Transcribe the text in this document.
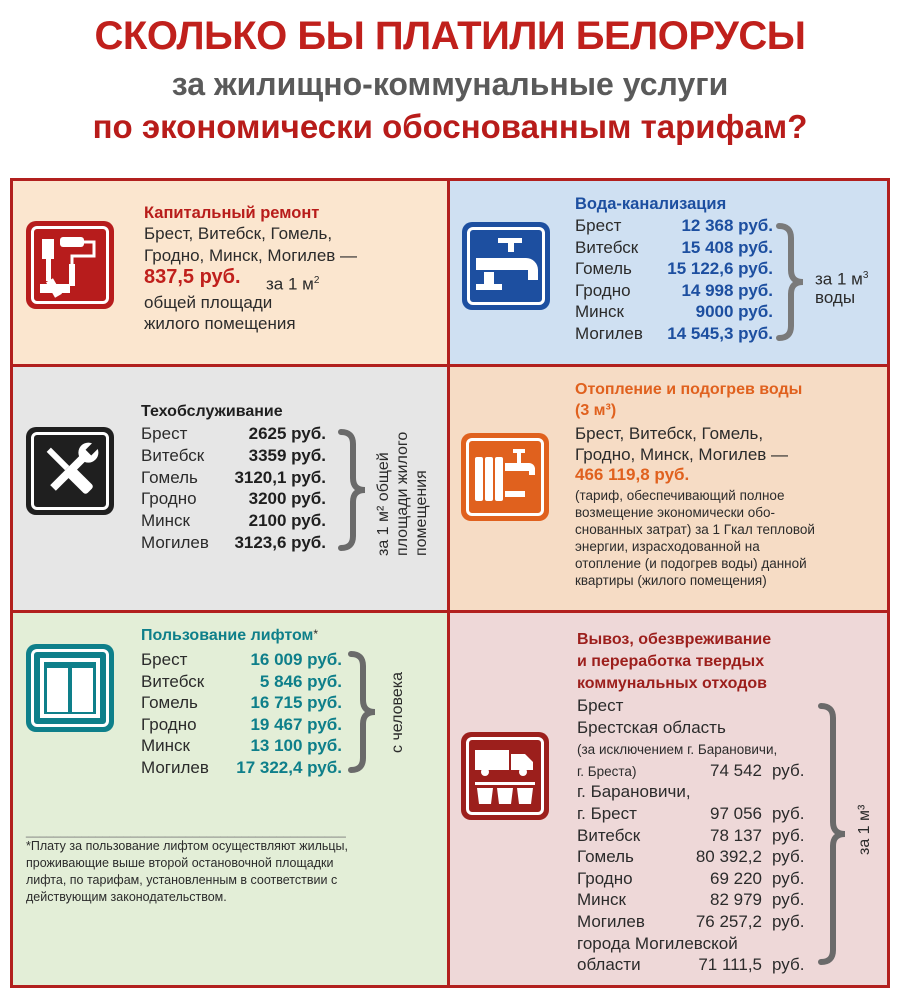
СКОЛЬКО БЫ ПЛАТИЛИ БЕЛОРУСЫ
за жилищно-коммунальные услуги
по экономически обоснованным тарифам?
Капитальный ремонт
Брест, Витебск, Гомель,
Гродно, Минск, Могилев —
837,5 руб. за 1 $м^2$
общей площади
жилого помещения
Вода-канализация
Брест	12 368 руб.
Витебск	15 408 руб.
Гомель 15 122,6 руб.
Гродно	14 998 руб.
Минск	9000 руб.
Могилев 14 545,3 руб.
за 1 $м^3$
воды
Техобслуживание
Брест	2625 руб.
Витебск	3359 руб.
Гомель 3120,1 руб.
Гродно	3200 руб.
Минск	2100 руб.
Могилев 3123,6 руб.	за 1 м² общей площади жилого помещения
Отопление и подогрев воды
(3 м³)
Брест, Витебск, Гомель,
Гродно, Минск, Могилев —
466 119,8 руб.
(тариф, обеспечивающий полное
возмещение экономически обо-
снованных затрат) за 1 Гкал тепловой
энергии, израсходованной на
отопление (и подогрев воды) данной
квартиры (жилого помещения)
Пользование лифтом*
Брест	16 009 руб.
Витебск	5 846 руб.
Гомель	16 715 руб.
Гродно	19 467 руб.
Минск	13 100 руб.
Могилев 17 322,4 руб.
с человека
______________________________________________
*Плату за пользование лифтом осуществляют жильцы,
проживающие выше второй остановочной площадки
лифта, по тарифам, установленным в соответствии с
действующим законодательством.
Вывоз, обезвреживание
и переработка твердых
коммунальных отходов
Брест
Брестская область
(за исключением г. Барановичи,
г. Бреста)	74 542 руб.
г. Барановичи,
г. Брест	97 056 руб.
Витебск	78 137 руб.
Гомель	80 392,2 руб.
Гродно	69 220 руб.
Минск	82 979 руб.
Могилев	76 257,2 руб.
города Могилевской
области	71 111,5 руб.
за 1 м³
